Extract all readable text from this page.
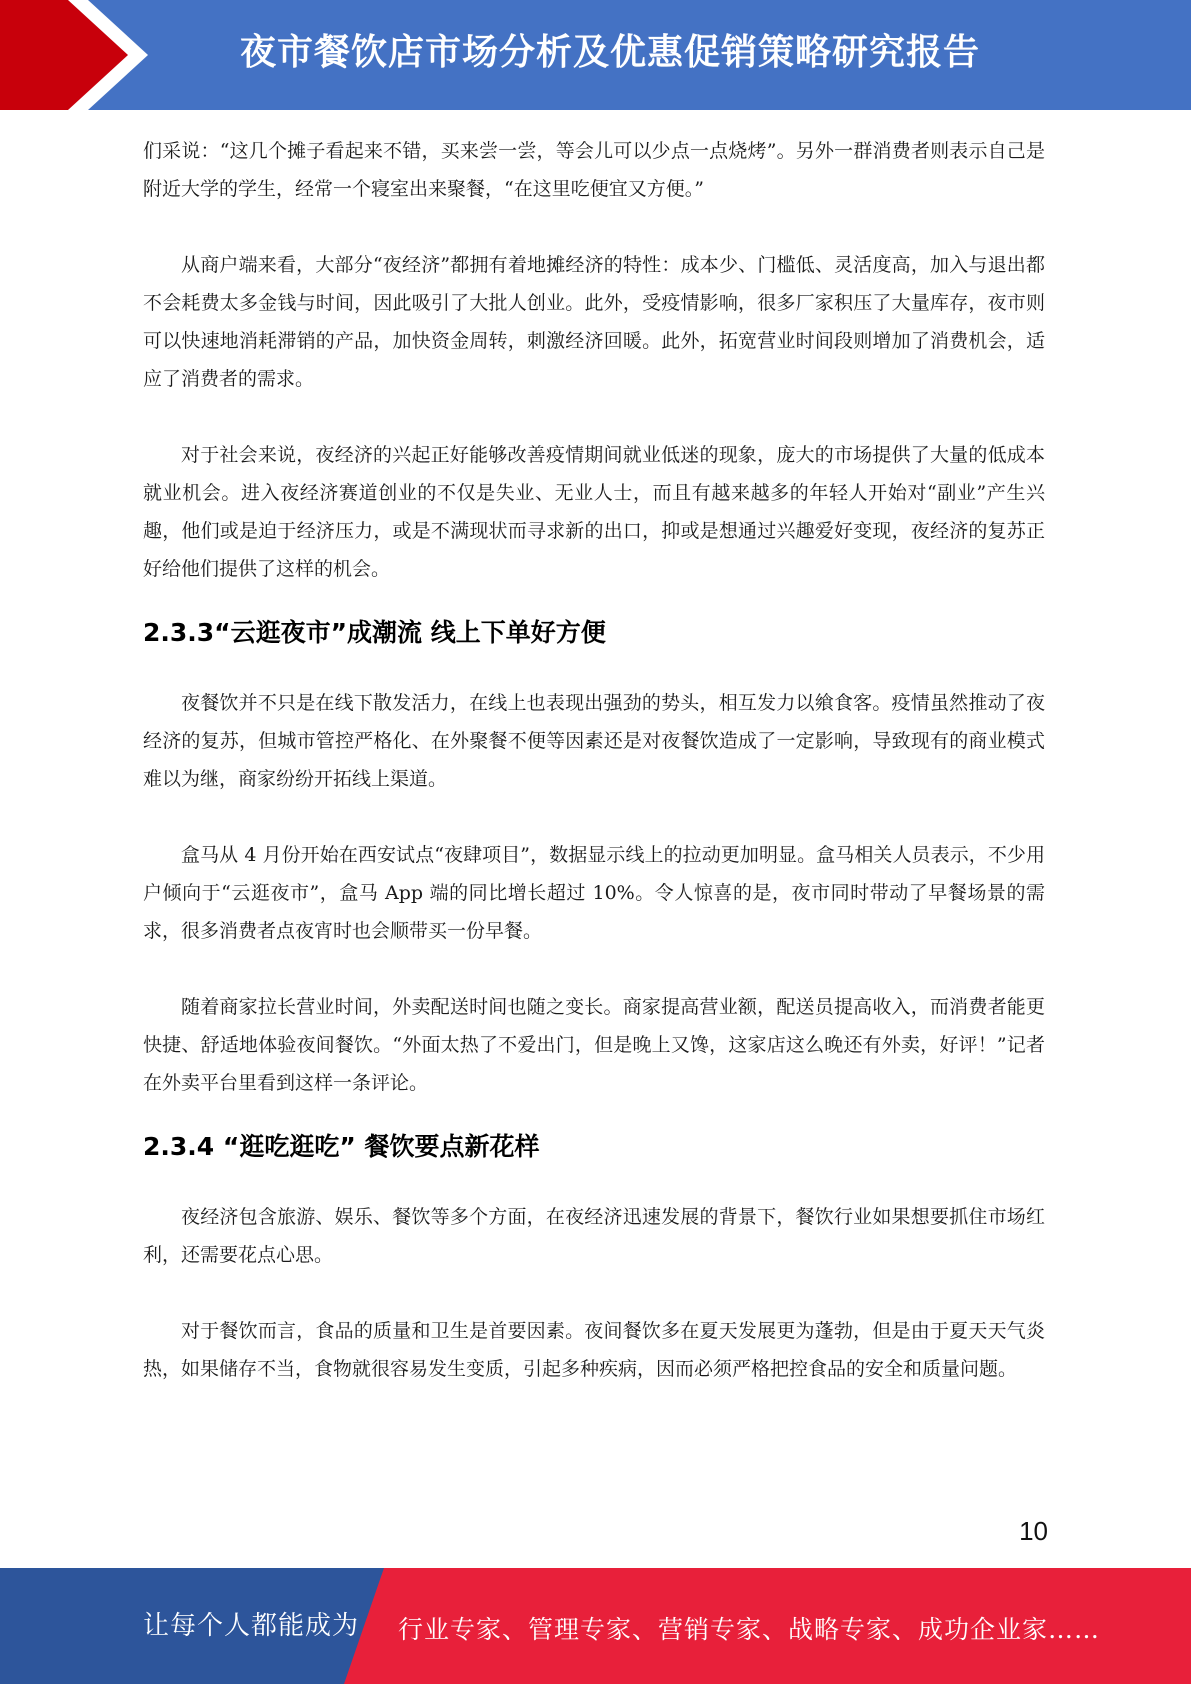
夜市餐饮店市场分析及优惠促销策略研究报告

们采说：“这几个摊子看起来不错，买来尝一尝，等会儿可以少点一点烧烤”。另外一群消费者则表示自己是附近大学的学生，经常一个寝室出来聚餐，“在这里吃便宜又方便。”

从商户端来看，大部分“夜经济”都拥有着地摊经济的特性：成本少、门槛低、灵活度高，加入与退出都不会耗费太多金钱与时间，因此吸引了大批人创业。此外，受疫情影响，很多厂家积压了大量库存，夜市则可以快速地消耗滞销的产品，加快资金周转，刺激经济回暖。此外，拓宽营业时间段则增加了消费机会，适应了消费者的需求。

对于社会来说，夜经济的兴起正好能够改善疫情期间就业低迷的现象，庞大的市场提供了大量的低成本就业机会。进入夜经济赛道创业的不仅是失业、无业人士，而且有越来越多的年轻人开始对“副业”产生兴趣，他们或是迫于经济压力，或是不满现状而寻求新的出口，抑或是想通过兴趣爱好变现，夜经济的复苏正好给他们提供了这样的机会。

2.3.3“云逛夜市”成潮流 线上下单好方便

夜餐饮并不只是在线下散发活力，在线上也表现出强劲的势头，相互发力以飨食客。疫情虽然推动了夜经济的复苏，但城市管控严格化、在外聚餐不便等因素还是对夜餐饮造成了一定影响，导致现有的商业模式难以为继，商家纷纷开拓线上渠道。

盒马从 4 月份开始在西安试点“夜肆项目”，数据显示线上的拉动更加明显。盒马相关人员表示，不少用户倾向于“云逛夜市”，盒马 App 端的同比增长超过 10%。令人惊喜的是，夜市同时带动了早餐场景的需求，很多消费者点夜宵时也会顺带买一份早餐。

随着商家拉长营业时间，外卖配送时间也随之变长。商家提高营业额，配送员提高收入，而消费者能更快捷、舒适地体验夜间餐饮。“外面太热了不爱出门，但是晚上又馋，这家店这么晚还有外卖，好评！”记者在外卖平台里看到这样一条评论。

2.3.4 “逛吃逛吃” 餐饮要点新花样

夜经济包含旅游、娱乐、餐饮等多个方面，在夜经济迅速发展的背景下，餐饮行业如果想要抓住市场红利，还需要花点心思。

对于餐饮而言，食品的质量和卫生是首要因素。夜间餐饮多在夏天发展更为蓬勃，但是由于夏天天气炎热，如果储存不当，食物就很容易发生变质，引起多种疾病，因而必须严格把控食品的安全和质量问题。

10
让每个人都能成为 行业专家、管理专家、营销专家、战略专家、成功企业家……
